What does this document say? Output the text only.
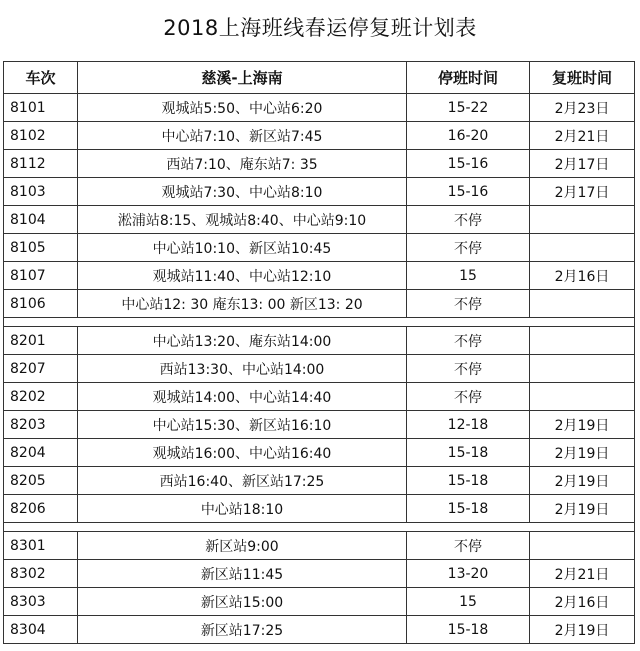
2018上海班线春运停复班计划表
车次	慈溪-上海南	停班时间	复班时间
8101	观城站5:50、中心站6:20	15-22	2月23日
8102	中心站7:10、新区站7:45	16-20	2月21日
8112	西站7:10、庵东站7: 35	15-16	2月17日
8103	观城站7:30、中心站8:10	15-16	2月17日
8104	淞浦站8:15、观城站8:40、中心站9:10	不停	
8105	中心站10:10、新区站10:45	不停	
8107	观城站11:40、中心站12:10	15	2月16日
8106	中心站12: 30 庵东13: 00 新区13: 20	不停	

8201	中心站13:20、庵东站14:00	不停	
8207	西站13:30、中心站14:00	不停	
8202	观城站14:00、中心站14:40	不停	
8203	中心站15:30、新区站16:10	12-18	2月19日
8204	观城站16:00、中心站16:40	15-18	2月19日
8205	西站16:40、新区站17:25	15-18	2月19日
8206	中心站18:10	15-18	2月19日

8301	新区站9:00	不停	
8302	新区站11:45	13-20	2月21日
8303	新区站15:00	15	2月16日
8304	新区站17:25	15-18	2月19日
